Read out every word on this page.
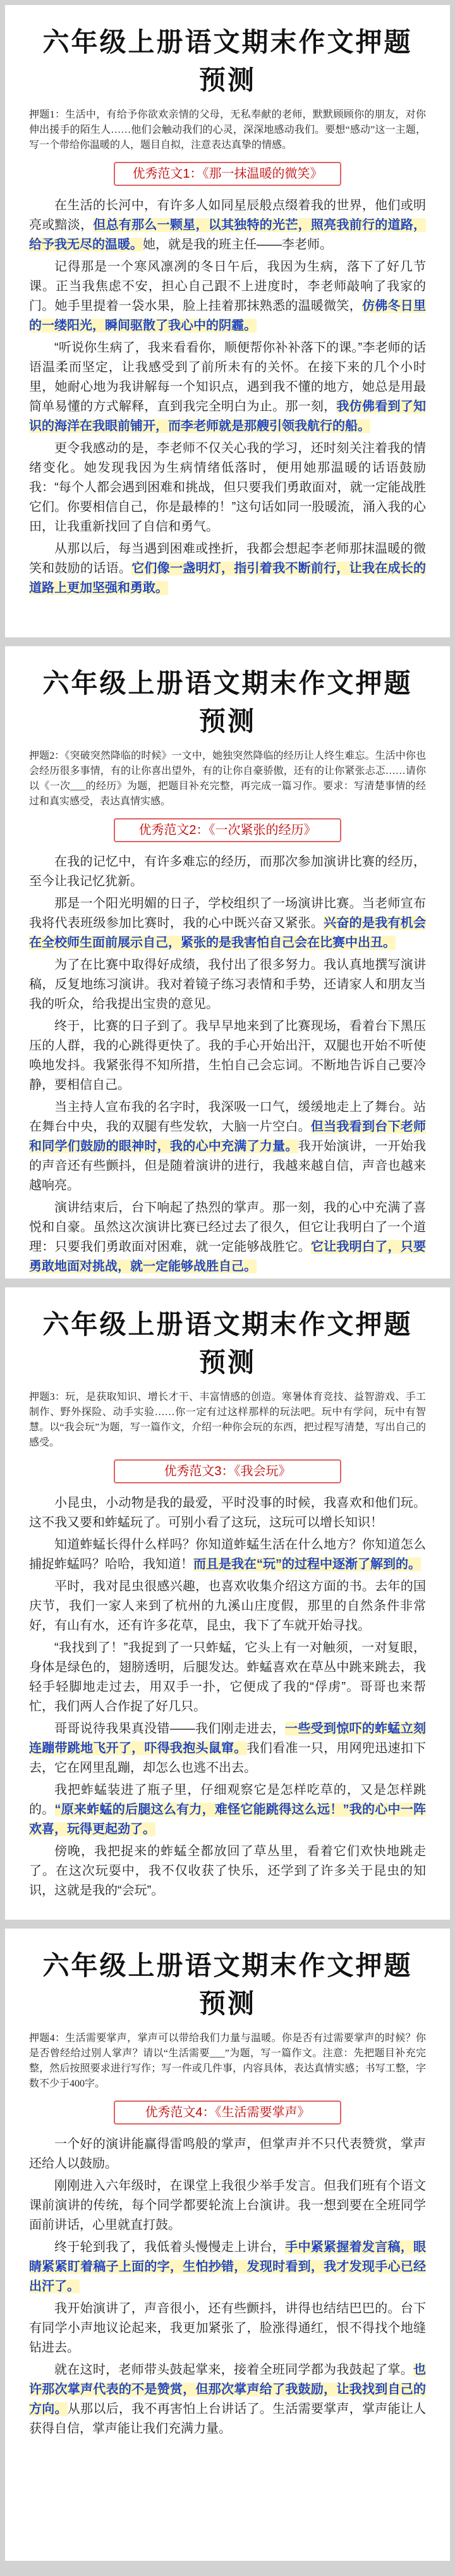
六年级上册语文期末作文押题预测
押题1：生活中，有给予你欲欢亲情的父母，无私奉献的老师，默默顾顾你的朋友，对你伸出援手的陌生人……他们会触动我们的心灵，深深地感动我们。要想“感动”这一主题，写一个带给你温暖的人，题目自拟，注意表达真挚的情感。
优秀范文1：《那一抹温暖的微笑》

在生活的长河中，有许多人如同星辰般点缀着我的世界，他们或明亮或黯淡，但总有那么一颗星，以其独特的光芒，照亮我前行的道路，给予我无尽的温暖。她，就是我的班主任——李老师。

记得那是一个寒风凛冽的冬日午后，我因为生病，落下了好几节课。正当我焦虑不安，担心自己跟不上进度时，李老师敲响了我家的门。她手里提着一袋水果，脸上挂着那抹熟悉的温暖微笑，仿佛冬日里的一缕阳光，瞬间驱散了我心中的阴霾。

“听说你生病了，我来看看你，顺便帮你补补落下的课。”李老师的话语温柔而坚定，让我感受到了前所未有的关怀。在接下来的几个小时里，她耐心地为我讲解每一个知识点，遇到我不懂的地方，她总是用最简单易懂的方式解释，直到我完全明白为止。那一刻，我仿佛看到了知识的海洋在我眼前铺开，而李老师就是那艘引领我航行的船。

更令我感动的是，李老师不仅关心我的学习，还时刻关注着我的情绪变化。她发现我因为生病情绪低落时，便用她那温暖的话语鼓励我：“每个人都会遇到困难和挑战，但只要我们勇敢面对，就一定能战胜它们。你要相信自己，你是最棒的！”这句话如同一股暖流，涌入我的心田，让我重新找回了自信和勇气。

从那以后，每当遇到困难或挫折，我都会想起李老师那抹温暖的微笑和鼓励的话语。它们像一盏明灯，指引着我不断前行，让我在成长的道路上更加坚强和勇敢。

六年级上册语文期末作文押题预测
押题2：《突破突然降临的时候》一文中，她独突然降临的经历让人终生难忘。生活中你也会经历很多事情，有的让你喜出望外，有的让你自豪骄傲，还有的让你紧张忐忑……请你以《一次___的经历》为题，把题目补充完整，再完成一篇习作。要求：写清楚事情的经过和真实感受，表达真情实感。
优秀范文2：《一次紧张的经历》

在我的记忆中，有许多难忘的经历，而那次参加演讲比赛的经历，至今让我记忆犹新。

那是一个阳光明媚的日子，学校组织了一场演讲比赛。当老师宣布我将代表班级参加比赛时，我的心中既兴奋又紧张。兴奋的是我有机会在全校师生面前展示自己，紧张的是我害怕自己会在比赛中出丑。

为了在比赛中取得好成绩，我付出了很多努力。我认真地撰写演讲稿，反复地练习演讲。我对着镜子练习表情和手势，还请家人和朋友当我的听众，给我提出宝贵的意见。

终于，比赛的日子到了。我早早地来到了比赛现场，看着台下黑压压的人群，我的心跳得更快了。我的手心开始出汗，双腿也开始不听使唤地发抖。我紧张得不知所措，生怕自己会忘词。不断地告诉自己要冷静，要相信自己。

当主持人宣布我的名字时，我深吸一口气，缓缓地走上了舞台。站在舞台中央，我的双腿有些发软，大脑一片空白。但当我看到台下老师和同学们鼓励的眼神时，我的心中充满了力量。我开始演讲，一开始我的声音还有些颤抖，但是随着演讲的进行，我越来越自信，声音也越来越响亮。

演讲结束后，台下响起了热烈的掌声。那一刻，我的心中充满了喜悦和自豪。虽然这次演讲比赛已经过去了很久，但它让我明白了一个道理：只要我们勇敢面对困难，就一定能够战胜它。它让我明白了，只要勇敢地面对挑战，就一定能够战胜自己。

六年级上册语文期末作文押题预测
押题3：玩，是获取知识、增长才干、丰富情感的创造。寒暑体育竞技、益智游戏、手工制作、野外探险、动手实验……你一定有过这样那样的玩法吧。玩中有学问，玩中有智慧。以“我会玩”为题，写一篇作文，介绍一种你会玩的东西，把过程写清楚，写出自己的感受。
优秀范文3：《我会玩》

小昆虫，小动物是我的最爱，平时没事的时候，我喜欢和他们玩。这不我又要和蚱蜢玩了。可别小看了这玩，这玩可以增长知识！

知道蚱蜢长得什么样吗？你知道蚱蜢生活在什么地方？你知道怎么捕捉蚱蜢吗？哈哈，我知道！而且是我在“玩”的过程中逐渐了解到的。

平时，我对昆虫很感兴趣，也喜欢收集介绍这方面的书。去年的国庆节，我们一家人来到了杭州的九溪山庄度假，那里的自然条件非常好，有山有水，还有许多花草，昆虫，我下了车就开始寻找。

“我找到了！”我捉到了一只蚱蜢，它头上有一对触须，一对复眼，身体是绿色的，翅膀透明，后腿发达。蚱蜢喜欢在草丛中跳来跳去，我轻手轻脚地走过去，用双手一扑，它便成了我的“俘虏”。哥哥也来帮忙，我们两人合作捉了好几只。

哥哥说待我果真没错——我们刚走进去，一些受到惊吓的蚱蜢立刻连蹦带跳地飞开了，吓得我抱头鼠窜。我们看准一只，用网兜迅速扣下去，它在网里乱蹦，却怎么也逃不出去。

我把蚱蜢装进了瓶子里，仔细观察它是怎样吃草的，又是怎样跳的。“原来蚱蜢的后腿这么有力，难怪它能跳得这么远！”我的心中一阵欢喜，玩得更起劲了。

傍晚，我把捉来的蚱蜢全都放回了草丛里，看着它们欢快地跳走了。在这次玩耍中，我不仅收获了快乐，还学到了许多关于昆虫的知识，这就是我的“会玩”。

六年级上册语文期末作文押题预测
押题4：生活需要掌声，掌声可以带给我们力量与温暖。你是否有过需要掌声的时候？你是否曾经给过别人掌声？请以“生活需要___”为题，写一篇作文。注意：先把题目补充完整，然后按照要求进行写作；写一件或几件事，内容具体，表达真情实感；书写工整，字数不少于400字。
优秀范文4：《生活需要掌声》

一个好的演讲能赢得雷鸣般的掌声，但掌声并不只代表赞赏，掌声还给人以鼓励。

刚刚进入六年级时，在课堂上我很少举手发言。但我们班有个语文课前演讲的传统，每个同学都要轮流上台演讲。我一想到要在全班同学面前讲话，心里就直打鼓。

终于轮到我了，我低着头慢慢走上讲台，手中紧紧握着发言稿，眼睛紧紧盯着稿子上面的字，生怕抄错，发现时看到，我才发现手心已经出汗了。

我开始演讲了，声音很小，还有些颤抖，讲得也结结巴巴的。台下有同学小声地议论起来，我更加紧张了，脸涨得通红，恨不得找个地缝钻进去。

就在这时，老师带头鼓起掌来，接着全班同学都为我鼓起了掌。也许那次掌声代表的不是赞赏，但那次掌声给了我鼓励，让我找到自己的方向。从那以后，我不再害怕上台讲话了。生活需要掌声，掌声能让人获得自信，掌声能让我们充满力量。
